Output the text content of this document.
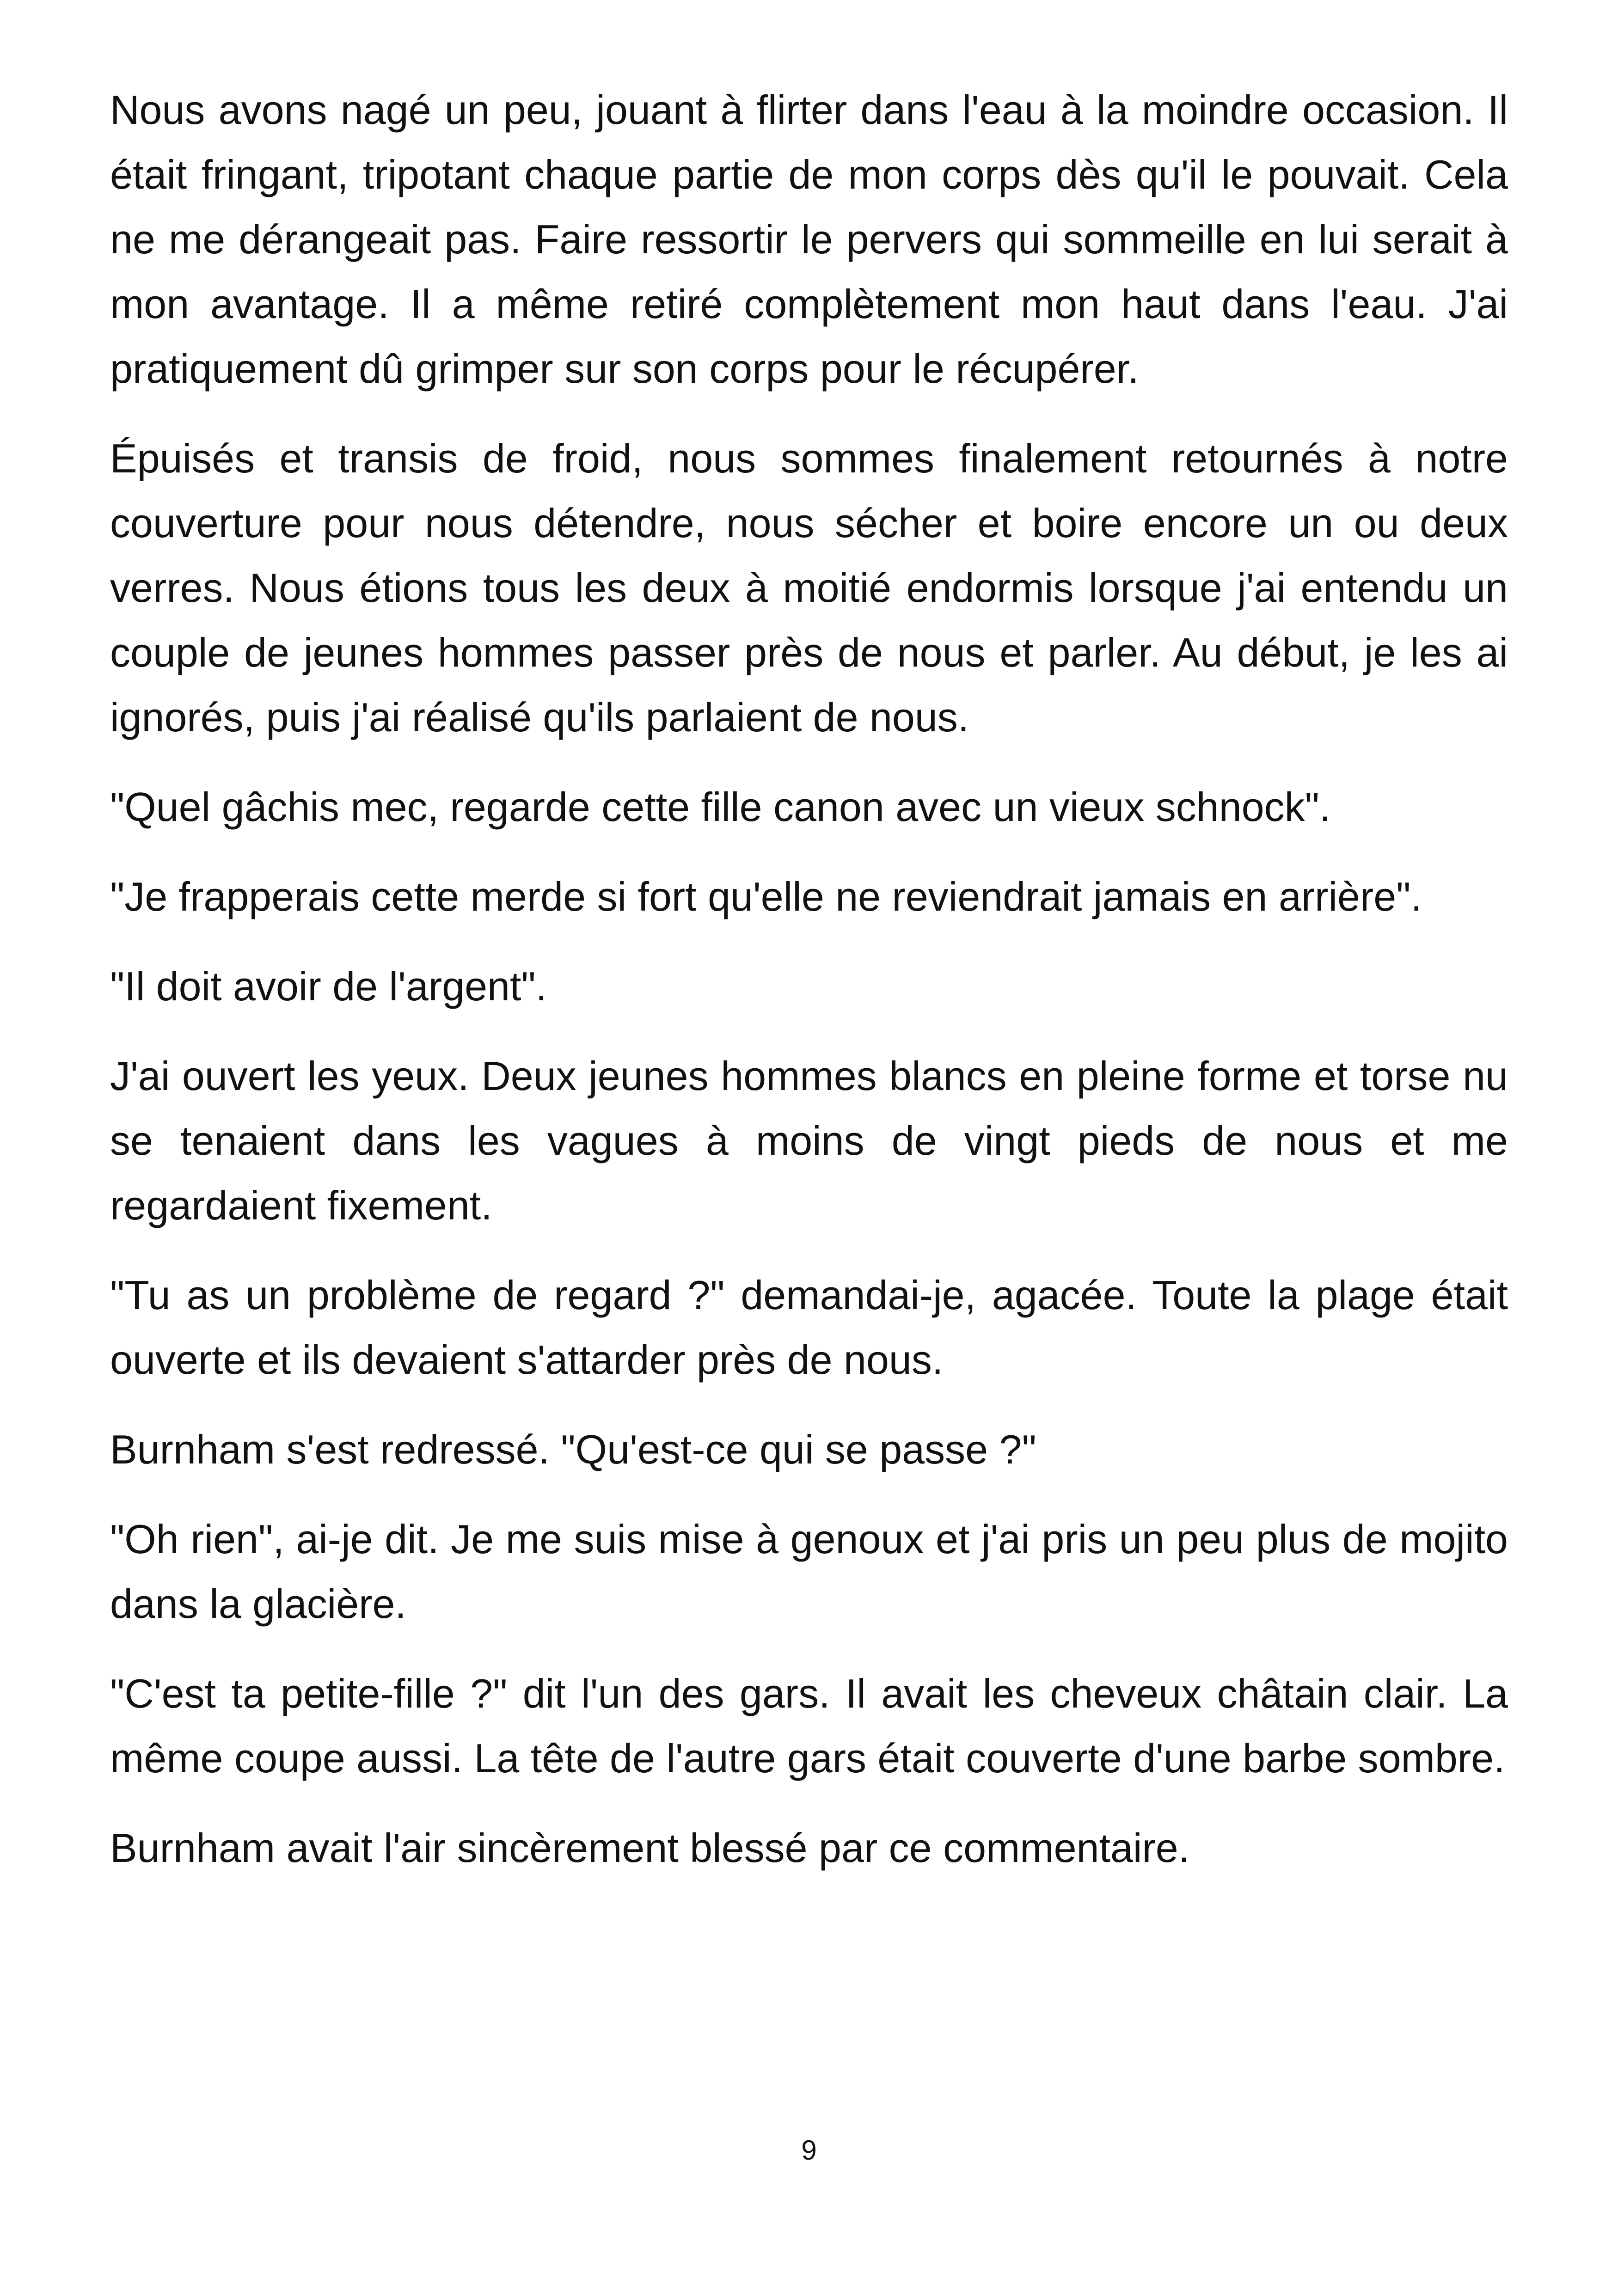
Nous avons nagé un peu, jouant à flirter dans l'eau à la moindre occasion. Il était fringant, tripotant chaque partie de mon corps dès qu'il le pouvait. Cela ne me dérangeait pas. Faire ressortir le pervers qui sommeille en lui serait à mon avantage. Il a même retiré complètement mon haut dans l'eau. J'ai pratiquement dû grimper sur son corps pour le récupérer.

Épuisés et transis de froid, nous sommes finalement retournés à notre couverture pour nous détendre, nous sécher et boire encore un ou deux verres. Nous étions tous les deux à moitié endormis lorsque j'ai entendu un couple de jeunes hommes passer près de nous et parler. Au début, je les ai ignorés, puis j'ai réalisé qu'ils parlaient de nous.

"Quel gâchis mec, regarde cette fille canon avec un vieux schnock".

"Je frapperais cette merde si fort qu'elle ne reviendrait jamais en arrière".

"Il doit avoir de l'argent".

J'ai ouvert les yeux. Deux jeunes hommes blancs en pleine forme et torse nu se tenaient dans les vagues à moins de vingt pieds de nous et me regardaient fixement.

"Tu as un problème de regard ?" demandai-je, agacée. Toute la plage était ouverte et ils devaient s'attarder près de nous.

Burnham s'est redressé. "Qu'est-ce qui se passe ?"

"Oh rien", ai-je dit. Je me suis mise à genoux et j'ai pris un peu plus de mojito dans la glacière.

"C'est ta petite-fille ?" dit l'un des gars. Il avait les cheveux châtain clair. La même coupe aussi. La tête de l'autre gars était couverte d'une barbe sombre.

Burnham avait l'air sincèrement blessé par ce commentaire.

9
